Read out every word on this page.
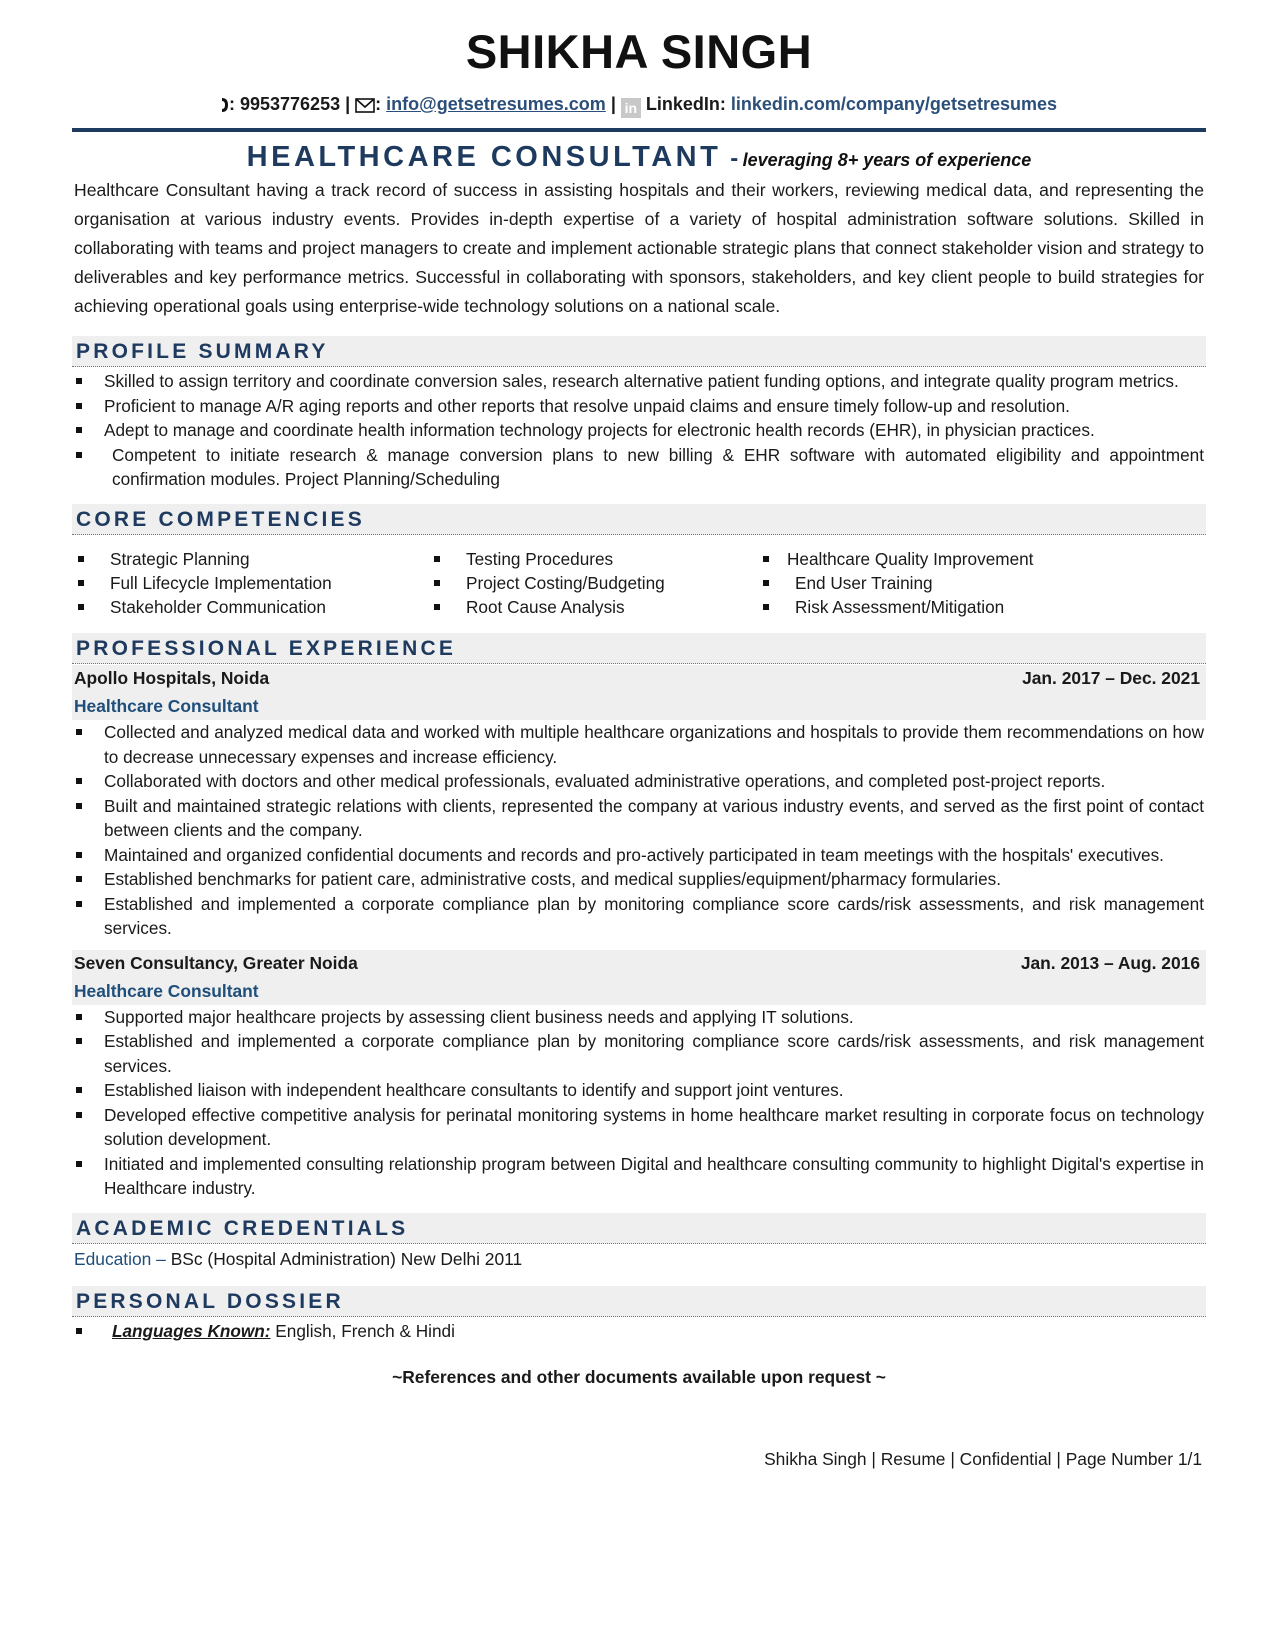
SHIKHA SINGH
: 9953776253 | : info@getsetresumes.com | in LinkedIn: linkedin.com/company/getsetresumes
HEALTHCARE CONSULTANT - leveraging 8+ years of experience

Healthcare Consultant having a track record of success in assisting hospitals and their workers, reviewing medical data, and representing the organisation at various industry events. Provides in-depth expertise of a variety of hospital administration software solutions. Skilled in collaborating with teams and project managers to create and implement actionable strategic plans that connect stakeholder vision and strategy to deliverables and key performance metrics. Successful in collaborating with sponsors, stakeholders, and key client people to build strategies for achieving operational goals using enterprise-wide technology solutions on a national scale.

PROFILE SUMMARY
Skilled to assign territory and coordinate conversion sales, research alternative patient funding options, and integrate quality program metrics.
Proficient to manage A/R aging reports and other reports that resolve unpaid claims and ensure timely follow-up and resolution.
Adept to manage and coordinate health information technology projects for electronic health records (EHR), in physician practices.
Competent to initiate research & manage conversion plans to new billing & EHR software with automated eligibility and appointment confirmation modules. Project Planning/Scheduling
CORE COMPETENCIES
Strategic Planning
Full Lifecycle Implementation
Stakeholder Communication
Testing Procedures
Project Costing/Budgeting
Root Cause Analysis
Healthcare Quality Improvement
End User Training
Risk Assessment/Mitigation
PROFESSIONAL EXPERIENCE
Apollo Hospitals, Noida	Jan. 2017 – Dec. 2021
Healthcare Consultant
Collected and analyzed medical data and worked with multiple healthcare organizations and hospitals to provide them recommendations on how to decrease unnecessary expenses and increase efficiency.
Collaborated with doctors and other medical professionals, evaluated administrative operations, and completed post-project reports.
Built and maintained strategic relations with clients, represented the company at various industry events, and served as the first point of contact between clients and the company.
Maintained and organized confidential documents and records and pro-actively participated in team meetings with the hospitals' executives.
Established benchmarks for patient care, administrative costs, and medical supplies/equipment/pharmacy formularies.
Established and implemented a corporate compliance plan by monitoring compliance score cards/risk assessments, and risk management services.
Seven Consultancy, Greater Noida	Jan. 2013 – Aug. 2016
Healthcare Consultant
Supported major healthcare projects by assessing client business needs and applying IT solutions.
Established and implemented a corporate compliance plan by monitoring compliance score cards/risk assessments, and risk management services.
Established liaison with independent healthcare consultants to identify and support joint ventures.
Developed effective competitive analysis for perinatal monitoring systems in home healthcare market resulting in corporate focus on technology solution development.
Initiated and implemented consulting relationship program between Digital and healthcare consulting community to highlight Digital's expertise in Healthcare industry.
ACADEMIC CREDENTIALS
Education – BSc (Hospital Administration) New Delhi 2011
PERSONAL DOSSIER
Languages Known: English, French & Hindi
~References and other documents available upon request ~
Shikha Singh | Resume | Confidential | Page Number 1/1
